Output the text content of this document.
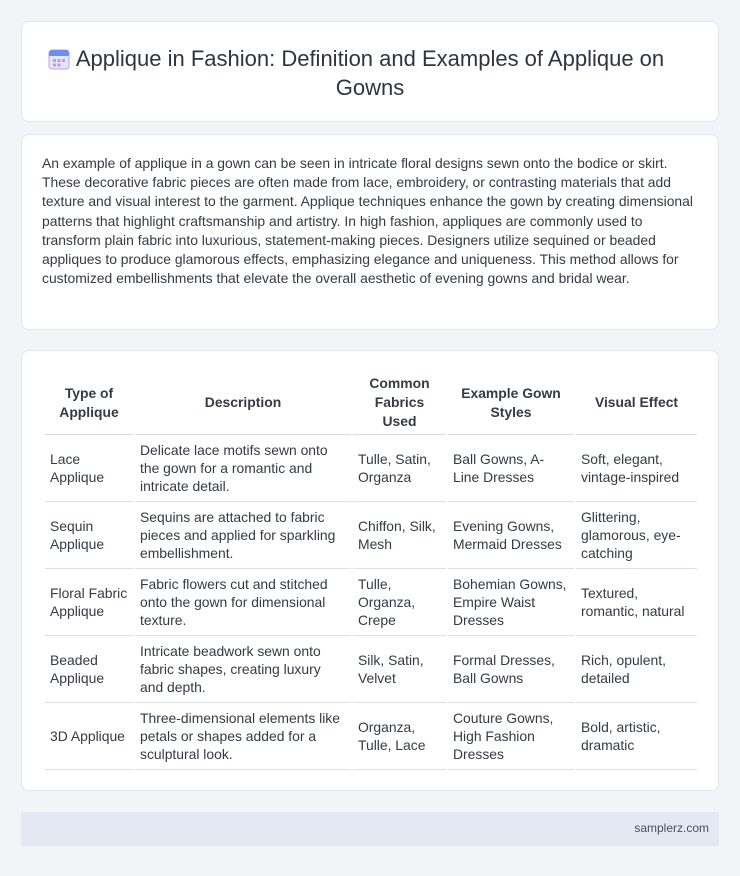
Applique in Fashion: Definition and Examples of Applique on Gowns

An example of applique in a gown can be seen in intricate floral designs sewn onto the bodice or skirt. These decorative fabric pieces are often made from lace, embroidery, or contrasting materials that add texture and visual interest to the garment. Applique techniques enhance the gown by creating dimensional patterns that highlight craftsmanship and artistry. In high fashion, appliques are commonly used to transform plain fabric into luxurious, statement-making pieces. Designers utilize sequined or beaded appliques to produce glamorous effects, emphasizing elegance and uniqueness. This method allows for customized embellishments that elevate the overall aesthetic of evening gowns and bridal wear.

Type of Applique	Description	Common Fabrics Used	Example Gown Styles	Visual Effect
Lace Applique	Delicate lace motifs sewn onto the gown for a romantic and intricate detail.	Tulle, Satin, Organza	Ball Gowns, A-Line Dresses	Soft, elegant, vintage-inspired
Sequin Applique	Sequins are attached to fabric pieces and applied for sparkling embellishment.	Chiffon, Silk, Mesh	Evening Gowns, Mermaid Dresses	Glittering, glamorous, eye-catching
Floral Fabric Applique	Fabric flowers cut and stitched onto the gown for dimensional texture.	Tulle, Organza, Crepe	Bohemian Gowns, Empire Waist Dresses	Textured, romantic, natural
Beaded Applique	Intricate beadwork sewn onto fabric shapes, creating luxury and depth.	Silk, Satin, Velvet	Formal Dresses, Ball Gowns	Rich, opulent, detailed
3D Applique	Three-dimensional elements like petals or shapes added for a sculptural look.	Organza, Tulle, Lace	Couture Gowns, High Fashion Dresses	Bold, artistic, dramatic
samplerz.com
